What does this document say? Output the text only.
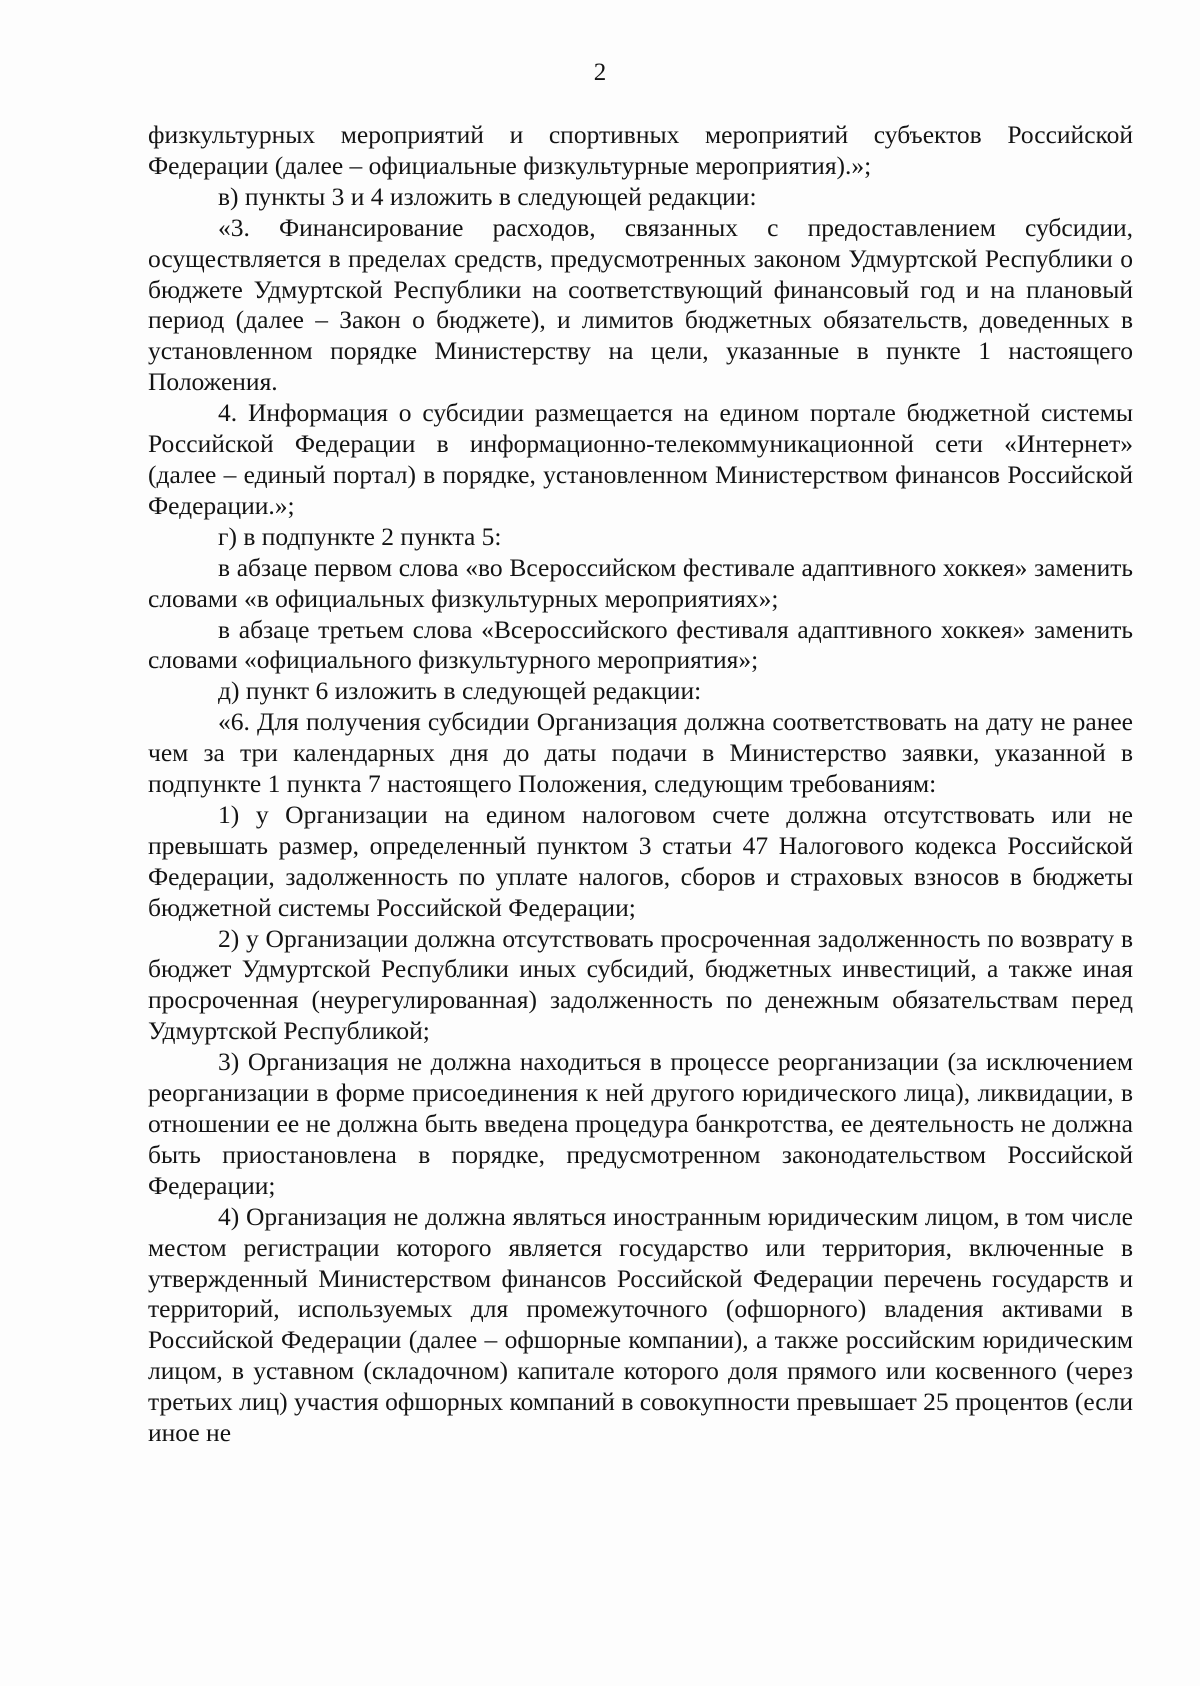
2

физкультурных мероприятий и спортивных мероприятий субъектов Российской Федерации (далее – официальные физкультурные мероприятия).»;

в) пункты 3 и 4 изложить в следующей редакции:

«3. Финансирование расходов, связанных с предоставлением субсидии, осуществляется в пределах средств, предусмотренных законом Удмуртской Республики о бюджете Удмуртской Республики на соответствующий финансовый год и на плановый период (далее – Закон о бюджете), и лимитов бюджетных обязательств, доведенных в установленном порядке Министерству на цели, указанные в пункте 1 настоящего Положения.

4. Информация о субсидии размещается на едином портале бюджетной системы Российской Федерации в информационно-телекоммуникационной сети «Интернет» (далее – единый портал) в порядке, установленном Министерством финансов Российской Федерации.»;

г) в подпункте 2 пункта 5:

в абзаце первом слова «во Всероссийском фестивале адаптивного хоккея» заменить словами «в официальных физкультурных мероприятиях»;

в абзаце третьем слова «Всероссийского фестиваля адаптивного хоккея» заменить словами «официального физкультурного мероприятия»;

д) пункт 6 изложить в следующей редакции:

«6. Для получения субсидии Организация должна соответствовать на дату не ранее чем за три календарных дня до даты подачи в Министерство заявки, указанной в подпункте 1 пункта 7 настоящего Положения, следующим требованиям:

1) у Организации на едином налоговом счете должна отсутствовать или не превышать размер, определенный пунктом 3 статьи 47 Налогового кодекса Российской Федерации, задолженность по уплате налогов, сборов и страховых взносов в бюджеты бюджетной системы Российской Федерации;

2) у Организации должна отсутствовать просроченная задолженность по возврату в бюджет Удмуртской Республики иных субсидий, бюджетных инвестиций, а также иная просроченная (неурегулированная) задолженность по денежным обязательствам перед Удмуртской Республикой;

3) Организация не должна находиться в процессе реорганизации (за исключением реорганизации в форме присоединения к ней другого юридического лица), ликвидации, в отношении ее не должна быть введена процедура банкротства, ее деятельность не должна быть приостановлена в порядке, предусмотренном законодательством Российской Федерации;

4) Организация не должна являться иностранным юридическим лицом, в том числе местом регистрации которого является государство или территория, включенные в утвержденный Министерством финансов Российской Федерации перечень государств и территорий, используемых для промежуточного (офшорного) владения активами в Российской Федерации (далее – офшорные компании), а также российским юридическим лицом, в уставном (складочном) капитале которого доля прямого или косвенного (через третьих лиц) участия офшорных компаний в совокупности превышает 25 процентов (если иное не
